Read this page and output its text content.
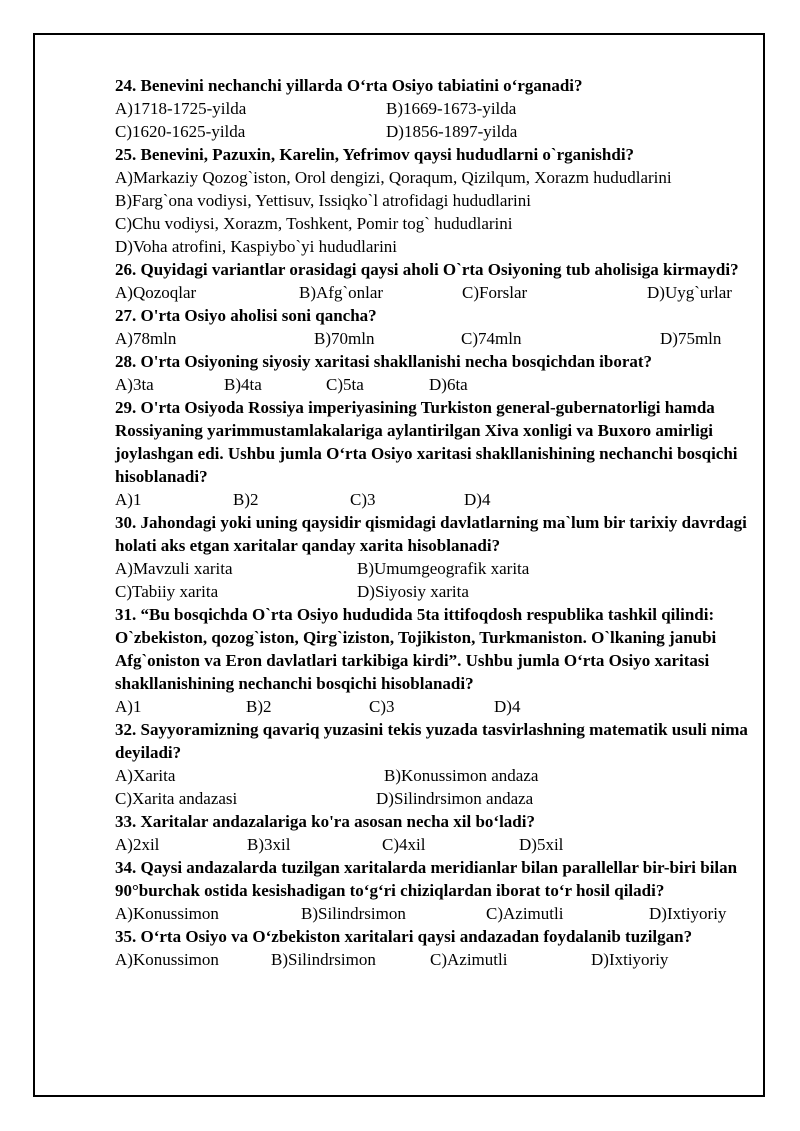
24. Benevini nechanchi yillarda O‘rta Osiyo tabiatini o‘rganadi?

A)1718-1725-yilda	B)1669-1673-yilda
C)1620-1625-yilda	D)1856-1897-yilda

25. Benevini, Pazuxin, Karelin, Yefrimov qaysi hududlarni o`rganishdi?

A)Markaziy Qozog`iston, Orol dengizi, Qoraqum, Qizilqum, Xorazm hududlarini

B)Farg`ona vodiysi, Yettisuv, Issiqko`l atrofidagi hududlarini

C)Chu vodiysi, Xorazm, Toshkent, Pomir tog` hududlarini

D)Voha atrofini, Kaspiybo`yi hududlarini

26. Quyidagi variantlar orasidagi qaysi aholi O`rta Osiyoning tub aholisiga kirmaydi?

A)Qozoqlar	B)Afg`onlar	C)Forslar	D)Uyg`urlar

27. O'rta Osiyo aholisi soni qancha?

A)78mln	B)70mln	C)74mln	D)75mln

28. O'rta Osiyoning siyosiy xaritasi shakllanishi necha bosqichdan iborat?

A)3ta	B)4ta	C)5ta	D)6ta

29. O'rta Osiyoda Rossiya imperiyasining Turkiston general-gubernatorligi hamda Rossiyaning yarimmustamlakalariga aylantirilgan Xiva xonligi va Buxoro amirligi joylashgan edi. Ushbu jumla O‘rta Osiyo xaritasi shakllanishining nechanchi bosqichi hisoblanadi?

A)1	B)2	C)3	D)4

30. Jahondagi yoki uning qaysidir qismidagi davlatlarning ma`lum bir tarixiy davrdagi holati aks etgan xaritalar qanday xarita hisoblanadi?

A)Mavzuli xarita	B)Umumgeografik xarita
C)Tabiiy xarita	D)Siyosiy xarita

31. “Bu bosqichda O`rta Osiyo hududida 5ta ittifoqdosh respublika tashkil qilindi: O`zbekiston, qozog`iston, Qirg`iziston, Tojikiston, Turkmaniston. O`lkaning janubi Afg`oniston va Eron davlatlari tarkibiga kirdi”. Ushbu jumla O‘rta Osiyo xaritasi shakllanishining nechanchi bosqichi hisoblanadi?

A)1	B)2	C)3	D)4

32. Sayyoramizning qavariq yuzasini tekis yuzada tasvirlashning matematik usuli nima deyiladi?

A)Xarita	B)Konussimon andaza
C)Xarita andazasi	D)Silindrsimon andaza

33. Xaritalar andazalariga ko'ra asosan necha xil bo‘ladi?

A)2xil	B)3xil	C)4xil	D)5xil

34. Qaysi andazalarda tuzilgan xaritalarda meridianlar bilan parallellar bir-biri bilan 90°burchak ostida kesishadigan to‘g‘ri chiziqlardan iborat to‘r hosil qiladi?

A)Konussimon	B)Silindrsimon	C)Azimutli	D)Ixtiyoriy

35. O‘rta Osiyo va O‘zbekiston xaritalari qaysi andazadan foydalanib tuzilgan?

A)Konussimon	B)Silindrsimon	C)Azimutli	D)Ixtiyoriy
